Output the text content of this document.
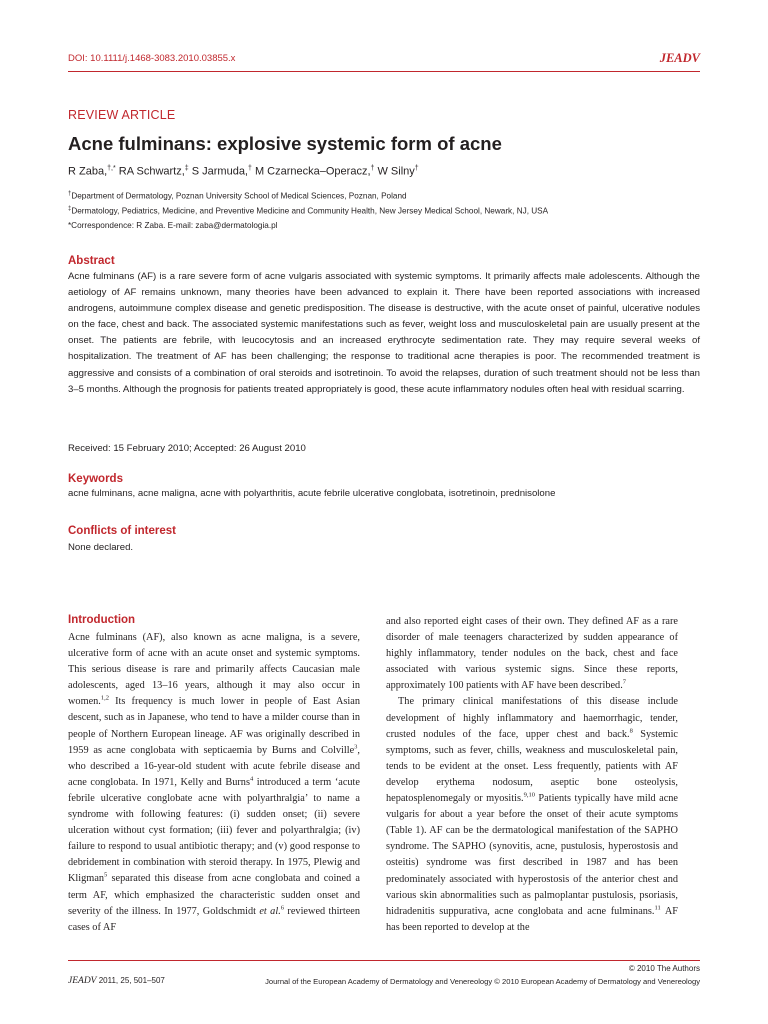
DOI: 10.1111/j.1468-3083.2010.03855.x	JEADV
REVIEW ARTICLE
Acne fulminans: explosive systemic form of acne
R Zaba,†,* RA Schwartz,‡ S Jarmuda,† M Czarnecka–Operacz,† W Silny†
†Department of Dermatology, Poznan University School of Medical Sciences, Poznan, Poland
‡Dermatology, Pediatrics, Medicine, and Preventive Medicine and Community Health, New Jersey Medical School, Newark, NJ, USA
*Correspondence: R Zaba. E-mail: zaba@dermatologia.pl
Abstract

Acne fulminans (AF) is a rare severe form of acne vulgaris associated with systemic symptoms. It primarily affects male adolescents. Although the aetiology of AF remains unknown, many theories have been advanced to explain it. There have been reported associations with increased androgens, autoimmune complex disease and genetic predisposition. The disease is destructive, with the acute onset of painful, ulcerative nodules on the face, chest and back. The associated systemic manifestations such as fever, weight loss and musculoskeletal pain are usually present at the onset. The patients are febrile, with leucocytosis and an increased erythrocyte sedimentation rate. They may require several weeks of hospitalization. The treatment of AF has been challenging; the response to traditional acne therapies is poor. The recommended treatment is aggressive and consists of a combination of oral steroids and isotretinoin. To avoid the relapses, duration of such treatment should not be less than 3–5 months. Although the prognosis for patients treated appropriately is good, these acute inflammatory nodules often heal with residual scarring.

Received: 15 February 2010; Accepted: 26 August 2010
Keywords
acne fulminans, acne maligna, acne with polyarthritis, acute febrile ulcerative conglobata, isotretinoin, prednisolone
Conflicts of interest
None declared.
Introduction

Acne fulminans (AF), also known as acne maligna, is a severe, ulcerative form of acne with an acute onset and systemic symptoms. This serious disease is rare and primarily affects Caucasian male adolescents, aged 13–16 years, although it may also occur in women.$^{1,2}$ Its frequency is much lower in people of East Asian descent, such as in Japanese, who tend to have a milder course than in people of Northern European lineage. AF was originally described in 1959 as acne conglobata with septicaemia by Burns and Colville$^3$, who described a 16-year-old student with acute febrile disease and acne conglobata. In 1971, Kelly and Burns$^4$ introduced a term ‘acute febrile ulcerative conglobate acne with polyarthralgia’ to name a syndrome with following features: (i) sudden onset; (ii) severe ulceration without cyst formation; (iii) fever and polyarthralgia; (iv) failure to respond to usual antibiotic therapy; and (v) good response to debridement in combination with steroid therapy. In 1975, Plewig and Kligman$^5$ separated this disease from acne conglobata and coined a term AF, which emphasized the characteristic sudden onset and severity of the illness. In 1977, Goldschmidt et al.$^6$ reviewed thirteen cases of AF

and also reported eight cases of their own. They defined AF as a rare disorder of male teenagers characterized by sudden appearance of highly inflammatory, tender nodules on the back, chest and face associated with various systemic signs. Since these reports, approximately 100 patients with AF have been described.$^7$

The primary clinical manifestations of this disease include development of highly inflammatory and haemorrhagic, tender, crusted nodules of the face, upper chest and back.$^8$ Systemic symptoms, such as fever, chills, weakness and musculoskeletal pain, tends to be evident at the onset. Less frequently, patients with AF develop erythema nodosum, aseptic bone osteolysis, hepatosplenomegaly or myositis.$^{9,10}$ Patients typically have mild acne vulgaris for about a year before the onset of their acute symptoms (Table 1). AF can be the dermatological manifestation of the SAPHO syndrome. The SAPHO (synovitis, acne, pustulosis, hyperostosis and osteitis) syndrome was first described in 1987 and has been predominately associated with hyperostosis of the anterior chest and various skin abnormalities such as palmoplantar pustulosis, psoriasis, hidradenitis suppurativa, acne conglobata and acne fulminans.$^{11}$ AF has been reported to develop at the

© 2010 The Authors
JEADV 2011, 25, 501–507	Journal of the European Academy of Dermatology and Venereology © 2010 European Academy of Dermatology and Venereology
